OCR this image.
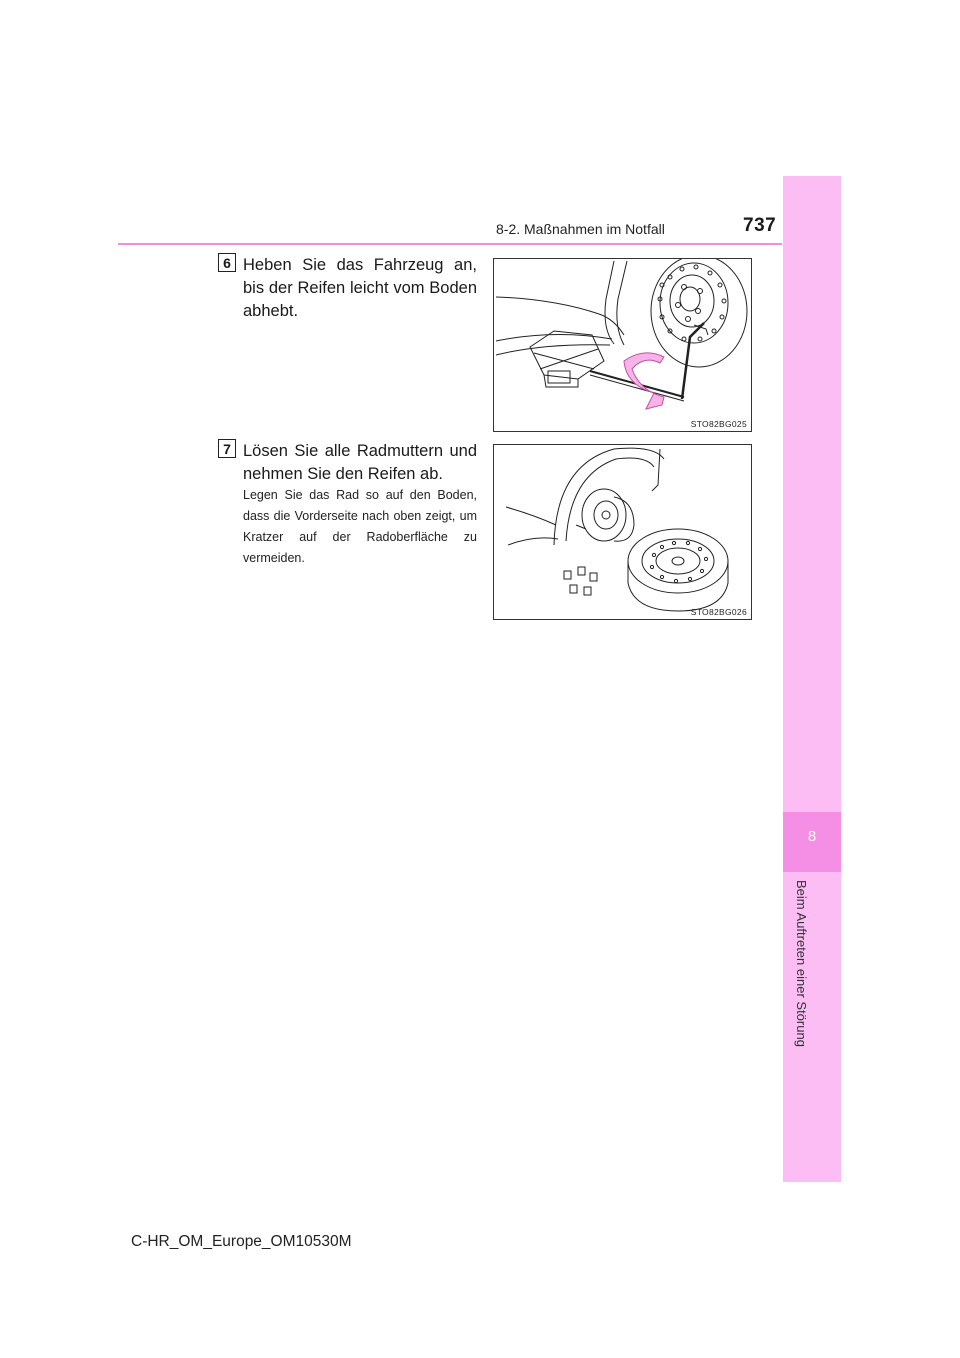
8-2. Maßnahmen im Notfall	737
8
Beim Auftreten einer Störung
6 Heben Sie das Fahrzeug an, bis der Reifen leicht vom Boden abhebt.
STO82BG025
7 Lösen Sie alle Radmuttern und nehmen Sie den Reifen ab.
Legen Sie das Rad so auf den Boden, dass die Vorderseite nach oben zeigt, um Kratzer auf der Radoberfläche zu vermeiden.
STO82BG026
C-HR_OM_Europe_OM10530M
